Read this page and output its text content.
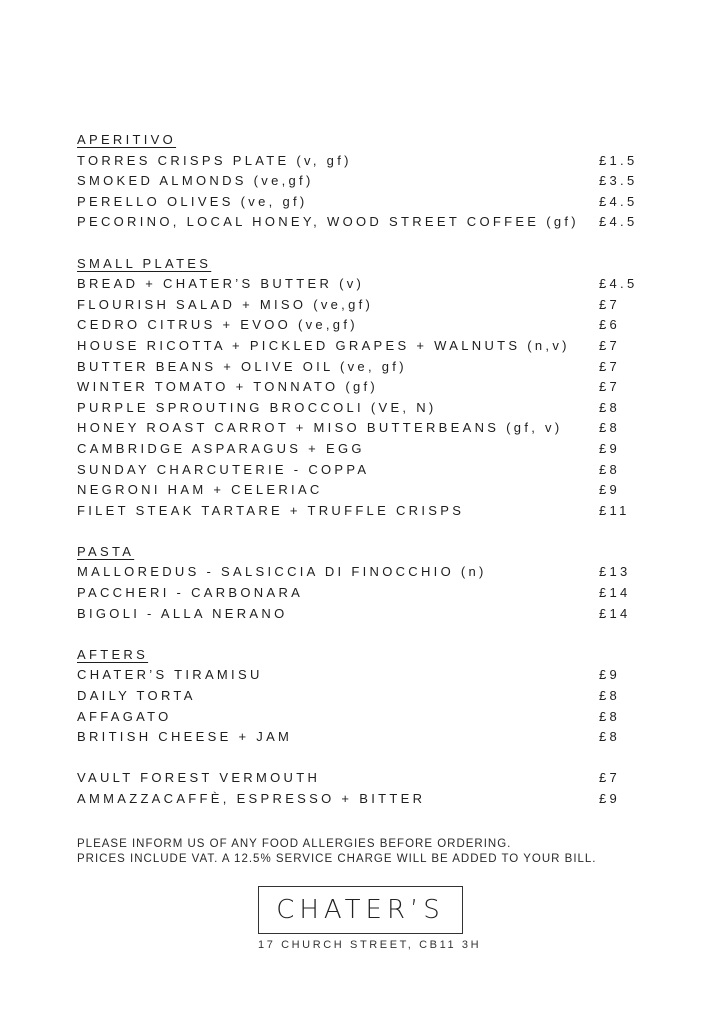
APERITIVO
TORRES CRISPS PLATE (v, gf)	£1.5
SMOKED ALMONDS (ve,gf)	£3.5
PERELLO OLIVES (ve, gf)	£4.5
PECORINO, LOCAL HONEY, WOOD STREET COFFEE (gf) £4.5
SMALL PLATES
BREAD + CHATER’S BUTTER (v)	£4.5
FLOURISH SALAD + MISO (ve,gf)	£7
CEDRO CITRUS + EVOO (ve,gf)	£6
HOUSE RICOTTA + PICKLED GRAPES + WALNUTS (n,v) £7
BUTTER BEANS + OLIVE OIL (ve, gf)	£7
WINTER TOMATO + TONNATO (gf)	£7
PURPLE SPROUTING BROCCOLI (VE, N)	£8
HONEY ROAST CARROT + MISO BUTTERBEANS (gf, v)	£8
CAMBRIDGE ASPARAGUS + EGG	£9
SUNDAY CHARCUTERIE - COPPA	£8
NEGRONI HAM + CELERIAC	£9
FILET STEAK TARTARE + TRUFFLE CRISPS	£11
PASTA
MALLOREDUS - SALSICCIA DI FINOCCHIO (n)	£13
PACCHERI - CARBONARA	£14
BIGOLI - ALLA NERANO	£14
AFTERS
CHATER’S TIRAMISU	£9
DAILY TORTA	£8
AFFAGATO	£8
BRITISH CHEESE + JAM	£8
VAULT FOREST VERMOUTH	£7
AMMAZZACAFFÈ, ESPRESSO + BITTER	£9
PLEASE INFORM US OF ANY FOOD ALLERGIES BEFORE ORDERING.
PRICES INCLUDE VAT. A 12.5% SERVICE CHARGE WILL BE ADDED TO YOUR BILL.
CHATER’S
17 CHURCH STREET, CB11 3H
